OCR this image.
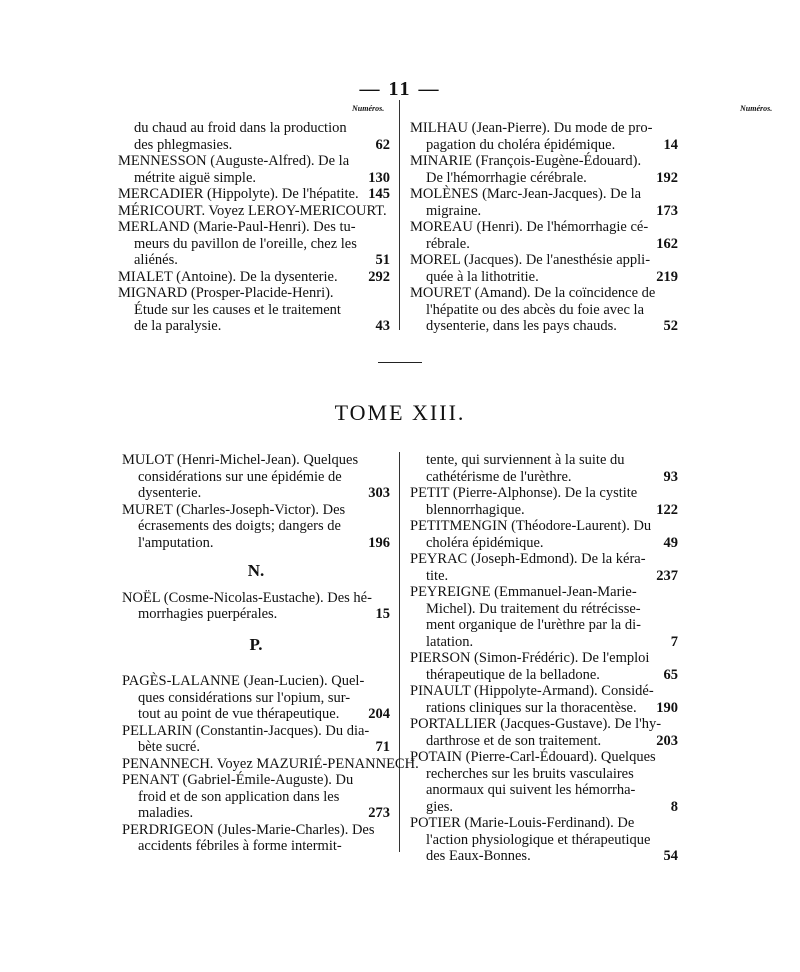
— 11 —
Numéros.	Numéros.
du chaud au froid dans la production
des phlegmasies.	62
MENNESSON (Auguste-Alfred). De la
métrite aiguë simple.	130
MERCADIER (Hippolyte). De l'hépatite. 145
MÉRICOURT. Voyez LEROY-MERICOURT.
MERLAND (Marie-Paul-Henri). Des tu-
meurs du pavillon de l'oreille, chez les
aliénés.	51
MIALET (Antoine). De la dysenterie.	292
MIGNARD (Prosper-Placide-Henri).
Étude sur les causes et le traitement
de la paralysie.	43
MILHAU (Jean-Pierre). Du mode de pro-
pagation du choléra épidémique.	14
MINARIE (François-Eugène-Édouard).
De l'hémorrhagie cérébrale.	192
MOLÈNES (Marc-Jean-Jacques). De la
migraine.	173
MOREAU (Henri). De l'hémorrhagie cé-
rébrale.	162
MOREL (Jacques). De l'anesthésie appli-
quée à la lithotritie.	219
MOURET (Amand). De la coïncidence de
l'hépatite ou des abcès du foie avec la
dysenterie, dans les pays chauds.	52
TOME XIII.
MULOT (Henri-Michel-Jean). Quelques
considérations sur une épidémie de
dysenterie.	303
MURET (Charles-Joseph-Victor). Des
écrasements des doigts; dangers de
l'amputation.	196
N.
NOËL (Cosme-Nicolas-Eustache). Des hé-
morrhagies puerpérales.	15
P.
PAGÈS-LALANNE (Jean-Lucien). Quel-
ques considérations sur l'opium, sur-
tout au point de vue thérapeutique.	204
PELLARIN (Constantin-Jacques). Du dia-
bète sucré.	71
PENANNECH. Voyez MAZURIÉ-PENANNECH.
PENANT (Gabriel-Émile-Auguste). Du
froid et de son application dans les
maladies.	273
PERDRIGEON (Jules-Marie-Charles). Des
accidents fébriles à forme intermit-
tente, qui surviennent à la suite du
cathétérisme de l'urèthre.	93
PETIT (Pierre-Alphonse). De la cystite
blennorrhagique.	122
PETITMENGIN (Théodore-Laurent). Du
choléra épidémique.	49
PEYRAC (Joseph-Edmond). De la kéra-
tite.	237
PEYREIGNE (Emmanuel-Jean-Marie-
Michel). Du traitement du rétrécisse-
ment organique de l'urèthre par la di-
latation.	7
PIERSON (Simon-Frédéric). De l'emploi
thérapeutique de la belladone.	65
PINAULT (Hippolyte-Armand). Considé-
rations cliniques sur la thoracentèse.	190
PORTALLIER (Jacques-Gustave). De l'hy-
darthrose et de son traitement.	203
POTAIN (Pierre-Carl-Édouard). Quelques
recherches sur les bruits vasculaires
anormaux qui suivent les hémorrha-
gies.	8
POTIER (Marie-Louis-Ferdinand). De
l'action physiologique et thérapeutique
des Eaux-Bonnes.	54
